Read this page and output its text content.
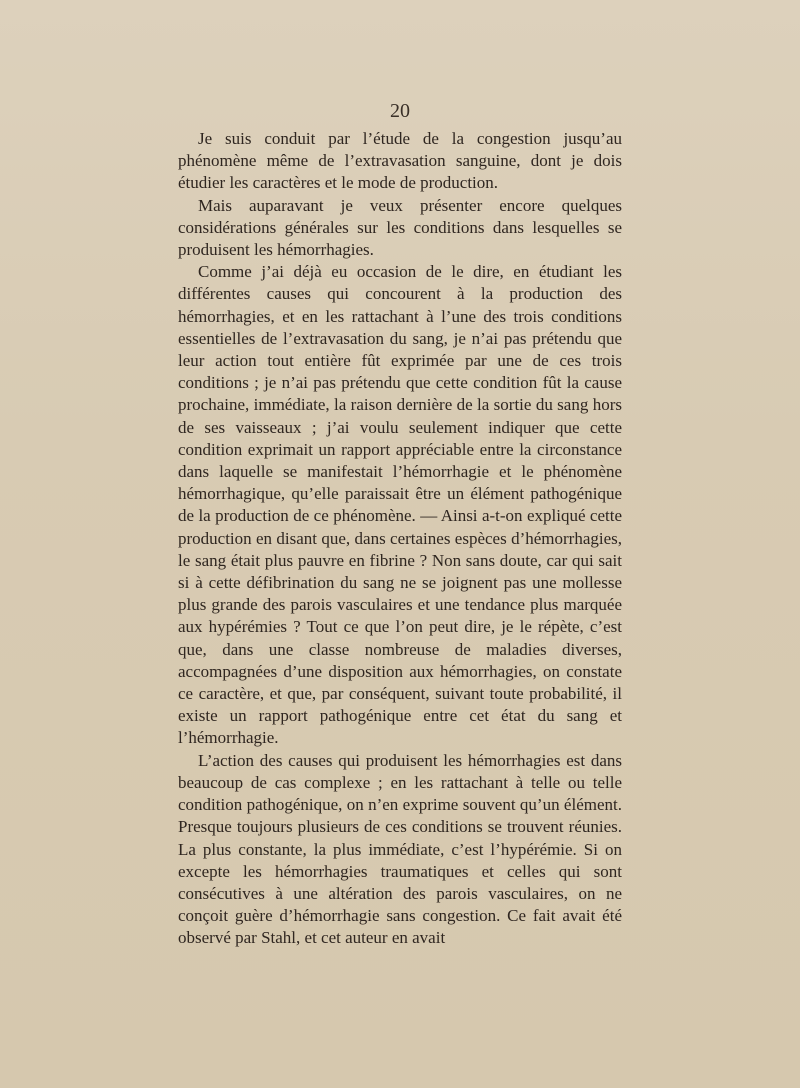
20

Je suis conduit par l’étude de la congestion jusqu’au phénomène même de l’extravasation sanguine, dont je dois étudier les caractères et le mode de production.

Mais auparavant je veux présenter encore quelques considérations générales sur les conditions dans lesquelles se produisent les hémorrhagies.

Comme j’ai déjà eu occasion de le dire, en étudiant les différentes causes qui concourent à la production des hémorrhagies, et en les rattachant à l’une des trois conditions essentielles de l’extravasation du sang, je n’ai pas prétendu que leur action tout entière fût exprimée par une de ces trois conditions ; je n’ai pas prétendu que cette condition fût la cause prochaine, immédiate, la raison dernière de la sortie du sang hors de ses vaisseaux ; j’ai voulu seulement indiquer que cette condition exprimait un rapport appréciable entre la circonstance dans laquelle se manifestait l’hémorrhagie et le phénomène hémorrhagique, qu’elle paraissait être un élément pathogénique de la production de ce phénomène. — Ainsi a-t-on expliqué cette production en disant que, dans certaines espèces d’hémorrhagies, le sang était plus pauvre en fibrine ? Non sans doute, car qui sait si à cette défibrination du sang ne se joignent pas une mollesse plus grande des parois vasculaires et une tendance plus marquée aux hypérémies ? Tout ce que l’on peut dire, je le répète, c’est que, dans une classe nombreuse de maladies diverses, accompagnées d’une disposition aux hémorrhagies, on constate ce caractère, et que, par conséquent, suivant toute probabilité, il existe un rapport pathogénique entre cet état du sang et l’hémorrhagie.

L’action des causes qui produisent les hémorrhagies est dans beaucoup de cas complexe ; en les rattachant à telle ou telle condition pathogénique, on n’en exprime souvent qu’un élément. Presque toujours plusieurs de ces conditions se trouvent réunies. La plus constante, la plus immédiate, c’est l’hypérémie. Si on excepte les hémorrhagies traumatiques et celles qui sont consécutives à une altération des parois vasculaires, on ne conçoit guère d’hémorrhagie sans congestion. Ce fait avait été observé par Stahl, et cet auteur en avait
